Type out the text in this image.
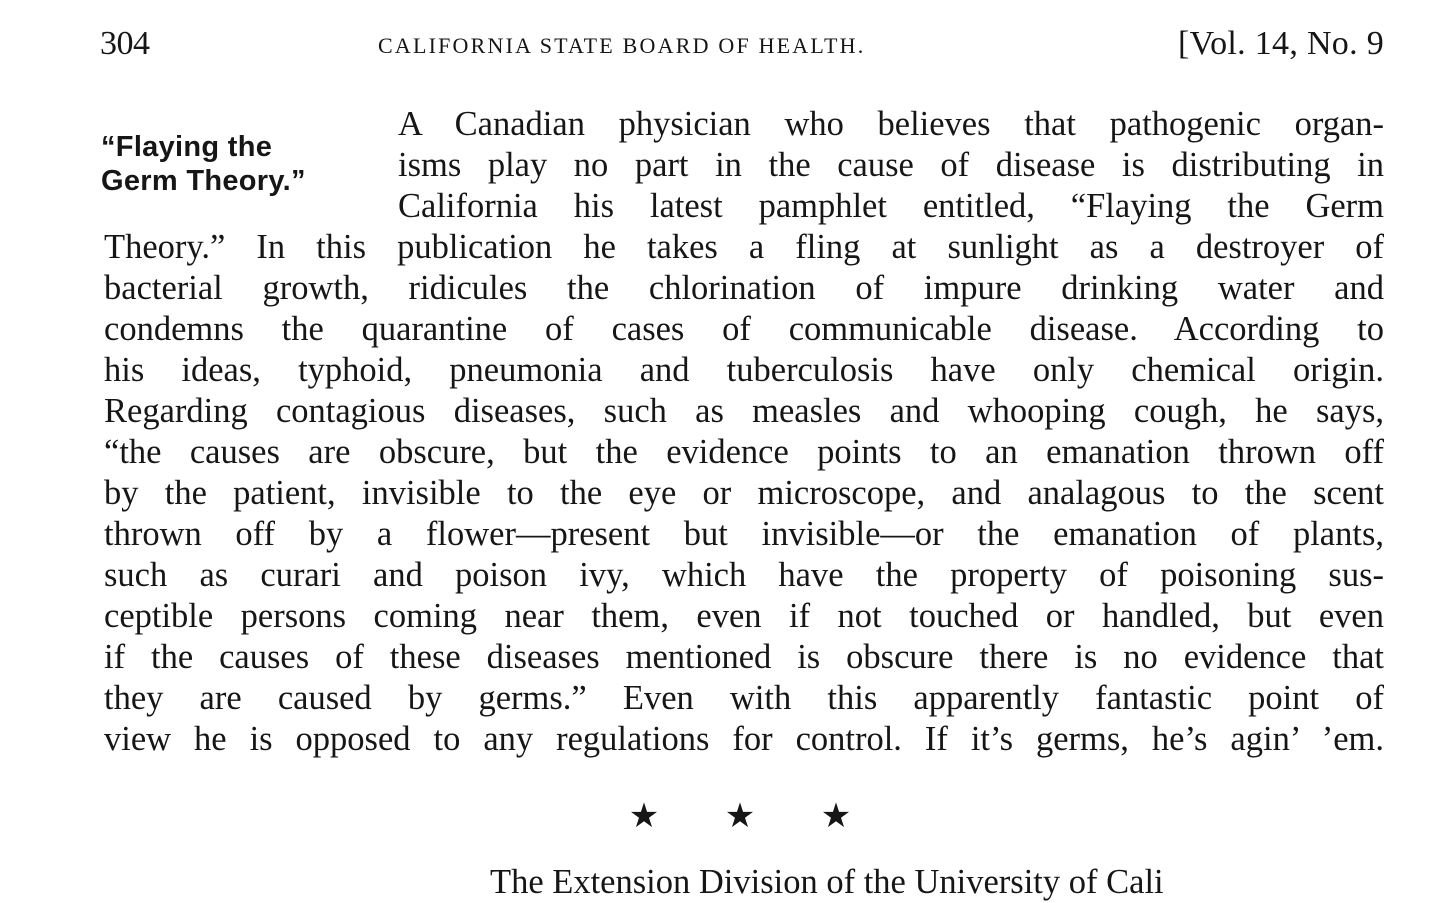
304	CALIFORNIA STATE BOARD OF HEALTH.	[Vol. 14, No. 9
“Flaying the
Germ Theory.”
A Canadian physician who believes that pathogenic organ-
isms play no part in the cause of disease is distributing in
California his latest pamphlet entitled, “Flaying the Germ
Theory.” In this publication he takes a fling at sunlight as a destroyer of
bacterial growth, ridicules the chlorination of impure drinking water and
condemns the quarantine of cases of communicable disease. According to
his ideas, typhoid, pneumonia and tuberculosis have only chemical origin.
Regarding contagious diseases, such as measles and whooping cough, he says,
“the causes are obscure, but the evidence points to an emanation thrown off
by the patient, invisible to the eye or microscope, and analagous to the scent
thrown off by a flower—present but invisible—or the emanation of plants,
such as curari and poison ivy, which have the property of poisoning sus-
ceptible persons coming near them, even if not touched or handled, but even
if the causes of these diseases mentioned is obscure there is no evidence that
they are caused by germs.” Even with this apparently fantastic point of
view he is opposed to any regulations for control. If it’s germs, he’s agin’ ’em.
★ ★ ★
The Extension Division of the University of Cali
